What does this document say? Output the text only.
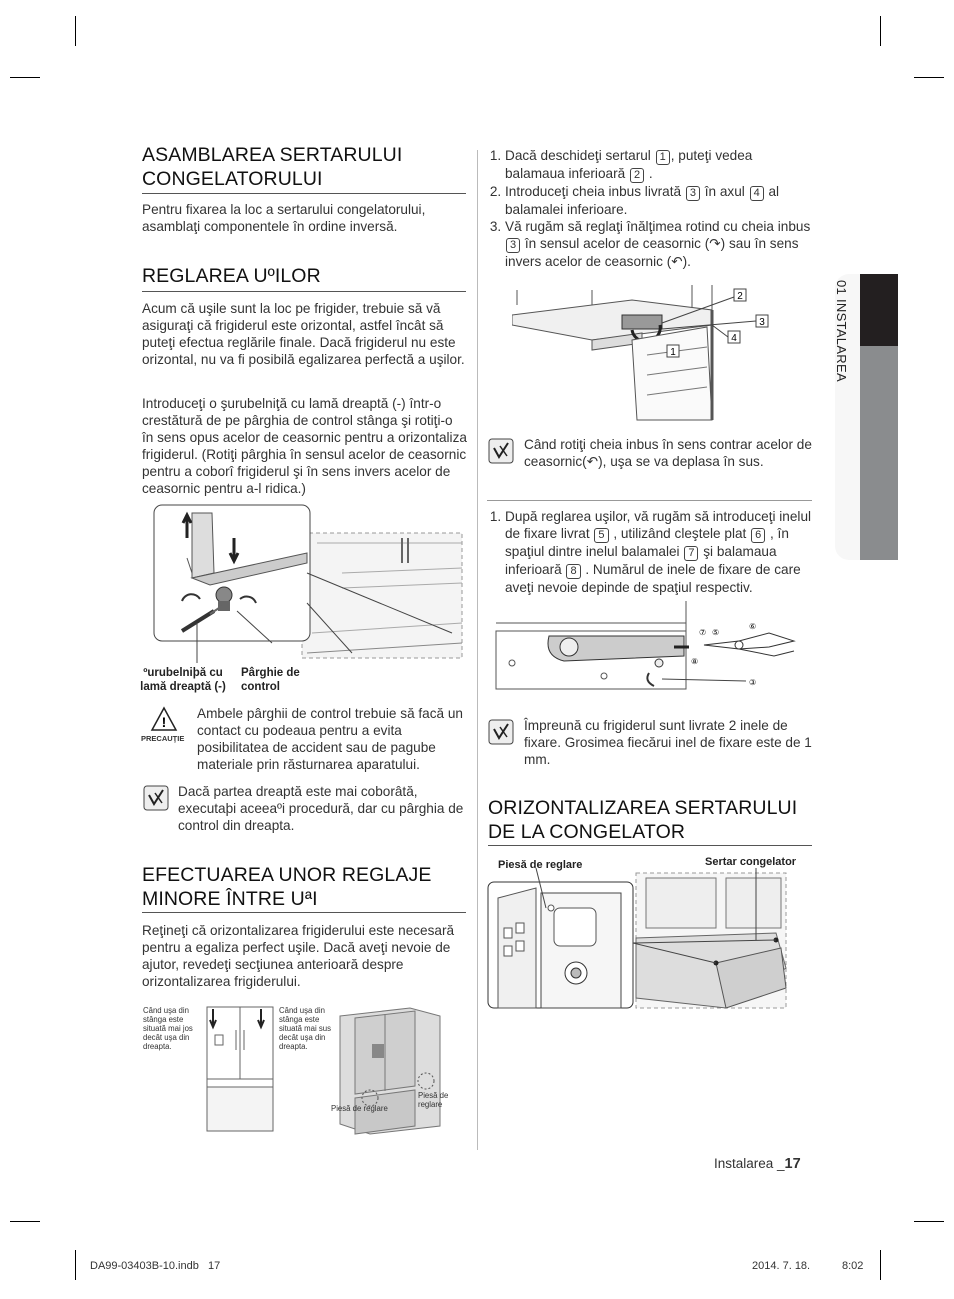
01 INSTALAREA
ASAMBLAREA SERTARULUI
CONGELATORULUI
Pentru fixarea la loc a sertarului congelatorului, asamblaţi componentele în ordine inversă.
REGLAREA UºILOR
Acum că uşile sunt la loc pe frigider, trebuie să vă asiguraţi că frigiderul este orizontal, astfel încât să puteţi efectua reglările finale. Dacă frigiderul nu este orizontal, nu va fi posibilă egalizarea perfectă a uşilor.
Introduceţi o şurubelniţă cu lamă dreaptă (-) într-o crestătură de pe pârghia de control stânga şi rotiţi-o în sens opus acelor de ceasornic pentru a orizontaliza frigiderul. (Rotiţi pârghia în sensul acelor de ceasornic pentru a coborî frigiderul şi în sens invers acelor de ceasornic pentru a-l ridica.)
ºurubelniþă cu
lamă dreaptă (-)
Pârghie de
control
!
PRECAUŢIE
Ambele pârghii de control trebuie să facă un contact cu podeaua pentru a evita posibilitatea de accident sau de pagube materiale prin răsturnarea aparatului.
Dacă partea dreaptă este mai coborâtă, executaþi aceeaºi procedură, dar cu pârghia de control din dreapta.
EFECTUAREA UNOR REGLAJE
MINORE ÎNTRE UªI
Reţineţi că orizontalizarea frigiderului este necesară pentru a egaliza perfect uşile. Dacă aveţi nevoie de ajutor, revedeţi secţiunea anterioară despre orizontalizarea frigiderului.
Când uşa din stânga este situată mai jos decât uşa din dreapta.
Când uşa din stânga este situată mai sus decât uşa din dreapta.
Piesă de reglare
Piesă de reglare
1. Dacă deschideţi sertarul 1 , puteţi vedea balamaua inferioară 2 .
2. Introduceţi cheia inbus livrată 3 în axul 4 al balamalei inferioare.
3. Vă rugăm să reglaţi înălţimea rotind cu cheia inbus 3 în sensul acelor de ceasornic (↷) sau în sens invers acelor de ceasornic (↶).
1
2
3
4
Când rotiţi cheia inbus în sens contrar acelor de ceasornic(↶), uşa se va deplasa în sus.
1. După reglarea uşilor, vă rugăm să introduceţi inelul de fixare livrat 5 , utilizând cleştele plat 6 , în spaţiul dintre inelul balamalei 7 şi balamaua inferioară 8 . Numărul de inele de fixare de care aveţi nevoie depinde de spaţiul respectiv.
⑦ ⑤
⑥
⑧
③
Împreună cu frigiderul sunt livrate 2 inele de fixare. Grosimea fiecărui inel de fixare este de 1 mm.
ORIZONTALIZAREA SERTARULUI
DE LA CONGELATOR
Piesă de reglare	Sertar congelator
Instalarea _17
DA99-03403B-10.indb   17	2014. 7. 18.	8:02
